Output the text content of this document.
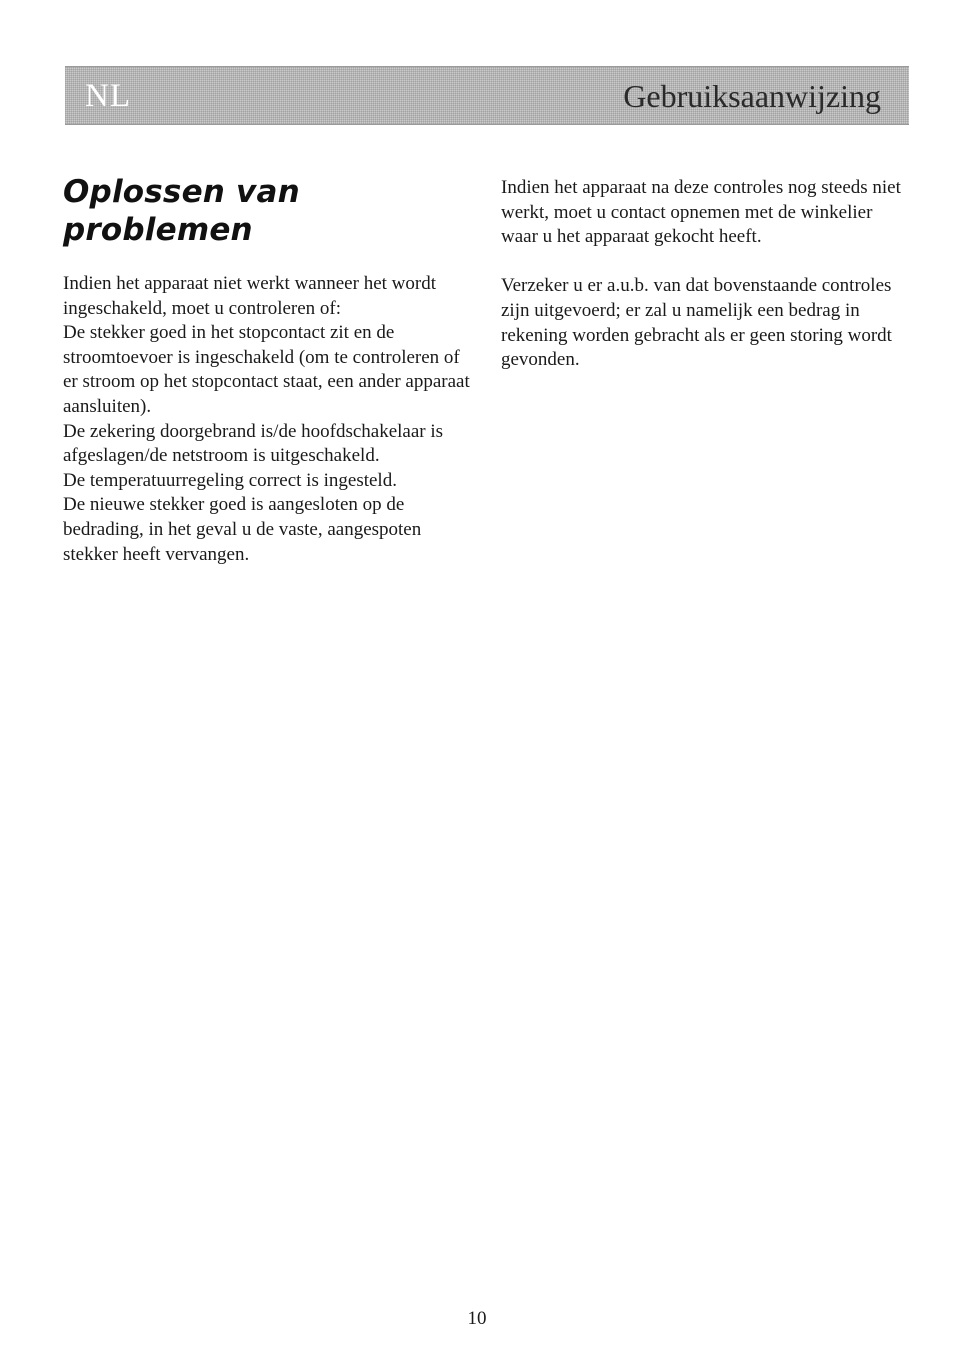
NL	Gebruiksaanwijzing
Oplossen van problemen

Indien het apparaat niet werkt wanneer het wordt ingeschakeld, moet u controleren of:

De stekker goed in het stopcontact zit en de stroomtoevoer is ingeschakeld (om te controleren of er stroom op het stopcontact staat, een ander apparaat aansluiten).

De zekering doorgebrand is/de hoofdschakelaar is afgeslagen/de netstroom is uitgeschakeld.

De temperatuurregeling correct is ingesteld.

De nieuwe stekker goed is aangesloten op de bedrading, in het geval u de vaste, aangespoten stekker heeft vervangen.

Indien het apparaat na deze controles nog steeds niet werkt, moet u contact opnemen met de winkelier waar u het apparaat gekocht heeft.

Verzeker u er a.u.b. van dat bovenstaande controles zijn uitgevoerd; er zal u namelijk een bedrag in rekening worden gebracht als er geen storing wordt gevonden.

10
